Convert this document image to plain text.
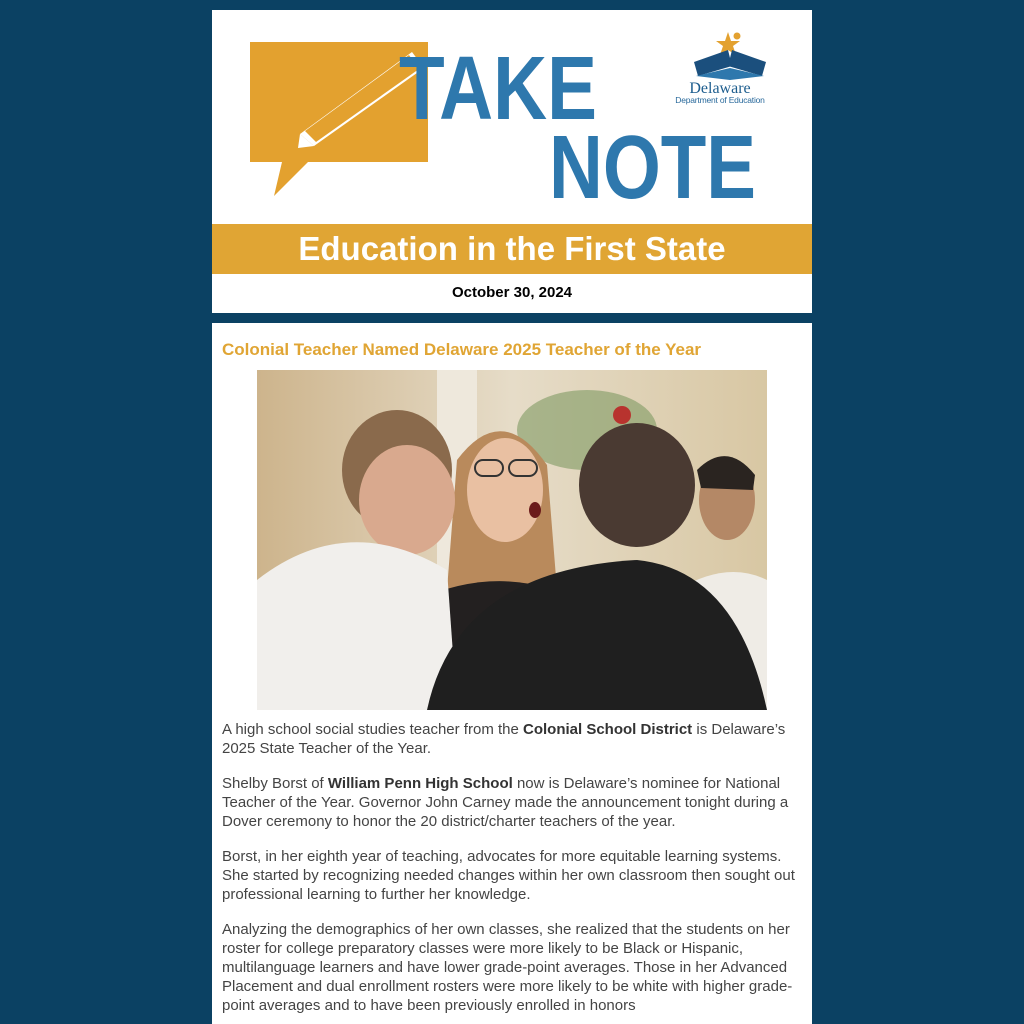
TAKE
NOTE
Delaware
Department of Education
Education in the First State
October 30, 2024
Colonial Teacher Named Delaware 2025 Teacher of the Year

A high school social studies teacher from the Colonial School District is Delaware’s 2025 State Teacher of the Year.

Shelby Borst of William Penn High School now is Delaware’s nominee for National Teacher of the Year. Governor John Carney made the announcement tonight during a Dover ceremony to honor the 20 district/charter teachers of the year.

Borst, in her eighth year of teaching, advocates for more equitable learning systems. She started by recognizing needed changes within her own classroom then sought out professional learning to further her knowledge.

Analyzing the demographics of her own classes, she realized that the students on her roster for college preparatory classes were more likely to be Black or Hispanic, multilanguage learners and have lower grade-point averages. Those in her Advanced Placement and dual enrollment rosters were more likely to be white with higher grade-point averages and to have been previously enrolled in honors
